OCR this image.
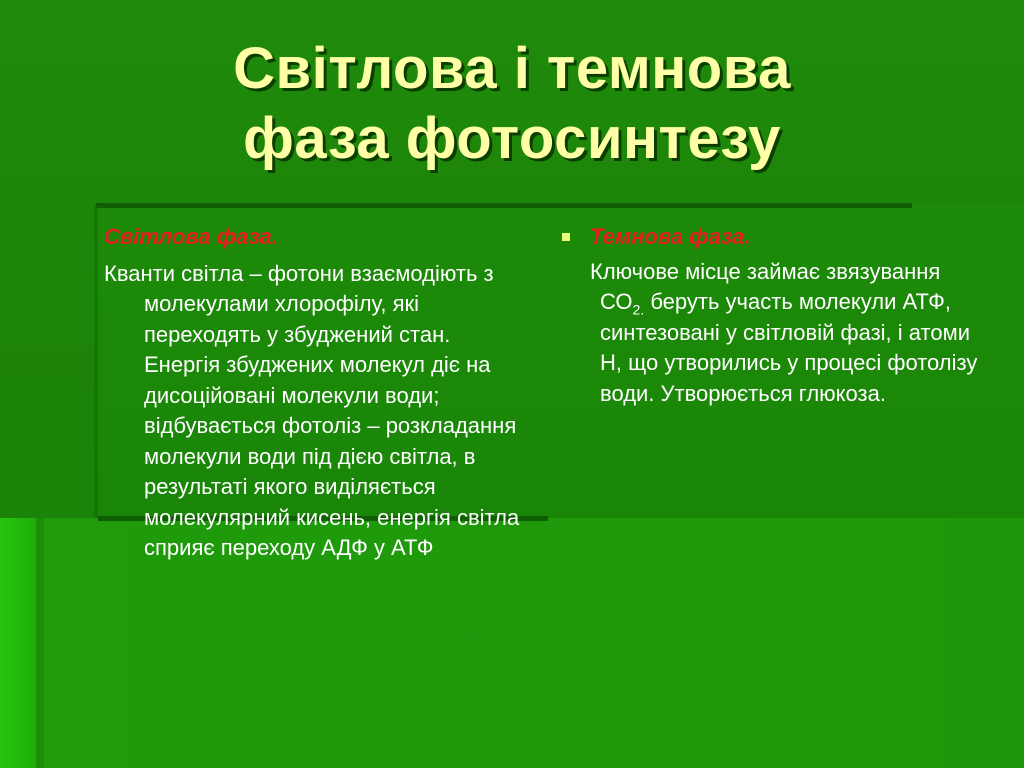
Світлова і темнова
фаза фотосинтезу
Світлова фаза.
Кванти світла – фотони взаємодіють з молекулами хлорофілу, які переходять у збуджений стан. Енергія збуджених молекул діє на дисоційовані молекули води; відбувається фотоліз – розкладання молекули води під дією світла, в результаті якого виділяється молекулярний кисень, енергія світла сприяє переходу АДФ у АТФ
Темнова фаза.
Ключове місце займає звязування $СО_{2.}$ беруть участь молекули АТФ, синтезовані у світловій фазі, і атоми Н, що утворились у процесі фотолізу води. Утворюється глюкоза.
